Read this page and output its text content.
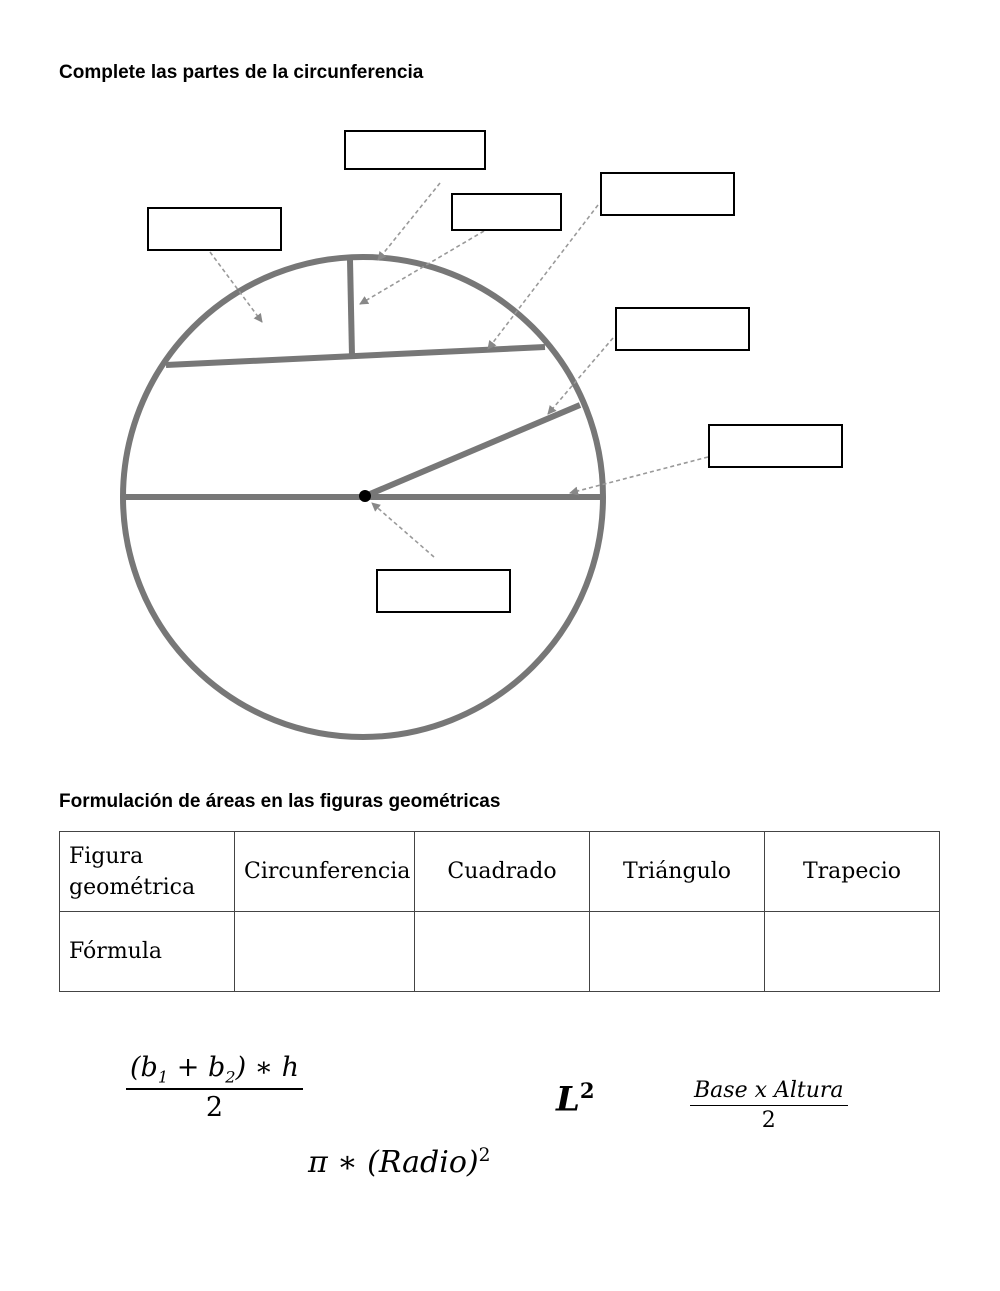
Complete las partes de la circunferencia
Formulación de áreas en las figuras geométricas
Figura
geométrica	Circunferencia	Cuadrado	Triángulo	Trapecio
Fórmula				
$\frac{(b_1 + b_2) ∗ h}{2}$	$L^2$	$\frac{\text{Base x Altura}}{2}$
π ∗ (Radio)$^2$
